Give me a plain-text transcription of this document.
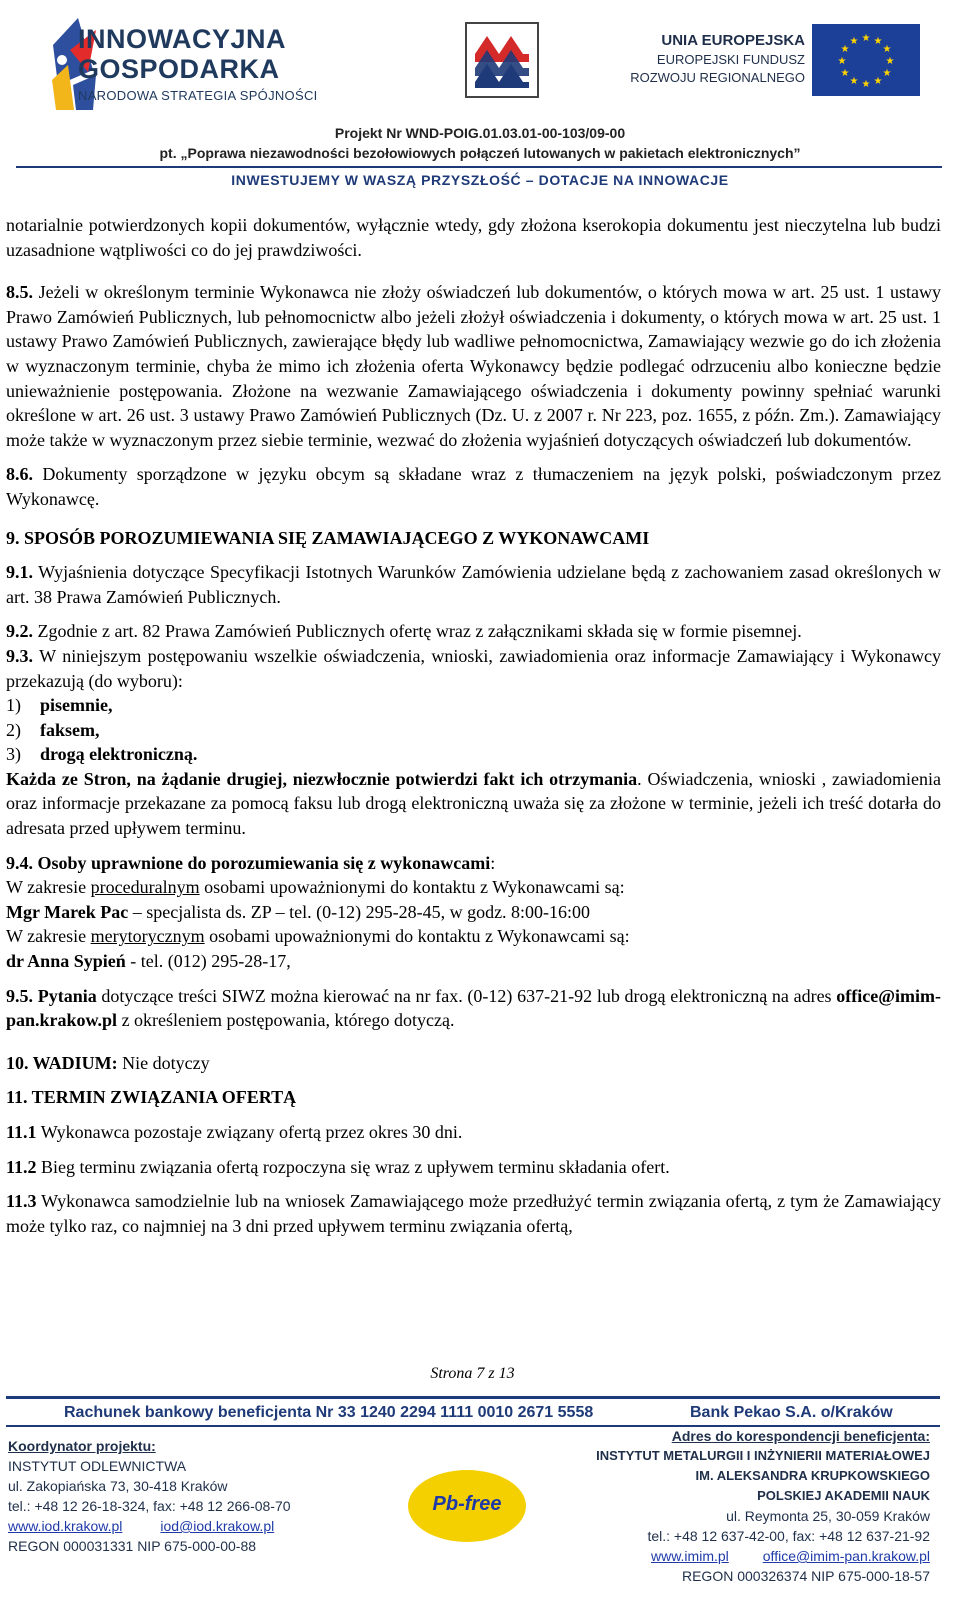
INNOWACYJNA
GOSPODARKA
NARODOWA STRATEGIA SPÓJNOŚCI
UNIA EUROPEJSKA
EUROPEJSKI FUNDUSZ
ROZWOJU REGIONALNEGO
★ ★
★
★
★
★
★
★
★
★
★
★
Projekt Nr WND-POIG.01.03.01-00-103/09-00
pt. „Poprawa niezawodności bezołowiowych połączeń lutowanych w pakietach elektronicznych”
INWESTUJEMY W WASZĄ PRZYSZŁOŚĆ – DOTACJE NA INNOWACJE

notarialnie potwierdzonych kopii dokumentów, wyłącznie wtedy, gdy złożona kserokopia dokumentu jest nieczytelna lub budzi uzasadnione wątpliwości co do jej prawdziwości.

8.5. Jeżeli w określonym terminie Wykonawca nie złoży oświadczeń lub dokumentów, o których mowa w art. 25 ust. 1 ustawy Prawo Zamówień Publicznych, lub pełnomocnictw albo jeżeli złożył oświadczenia i dokumenty, o których mowa w art. 25 ust. 1 ustawy Prawo Zamówień Publicznych, zawierające błędy lub wadliwe pełnomocnictwa, Zamawiający wezwie go do ich złożenia w wyznaczonym terminie, chyba że mimo ich złożenia oferta Wykonawcy będzie podlegać odrzuceniu albo konieczne będzie unieważnienie postępowania. Złożone na wezwanie Zamawiającego oświadczenia i dokumenty powinny spełniać warunki określone w art. 26 ust. 3 ustawy Prawo Zamówień Publicznych (Dz. U. z 2007 r. Nr 223, poz. 1655, z późn. Zm.). Zamawiający może także w wyznaczonym przez siebie terminie, wezwać do złożenia wyjaśnień dotyczących oświadczeń lub dokumentów.

8.6. Dokumenty sporządzone w języku obcym są składane wraz z tłumaczeniem na język polski, poświadczonym przez Wykonawcę.

9. SPOSÓB POROZUMIEWANIA SIĘ ZAMAWIAJĄCEGO Z WYKONAWCAMI

9.1. Wyjaśnienia dotyczące Specyfikacji Istotnych Warunków Zamówienia udzielane będą z zachowaniem zasad określonych w art. 38 Prawa Zamówień Publicznych.

9.2. Zgodnie z art. 82 Prawa Zamówień Publicznych ofertę wraz z załącznikami składa się w formie pisemnej.

9.3. W niniejszym postępowaniu wszelkie oświadczenia, wnioski, zawiadomienia oraz informacje Zamawiający i Wykonawcy przekazują (do wyboru):

1) pisemnie,

2) faksem,

3) drogą elektroniczną.

Każda ze Stron, na żądanie drugiej, niezwłocznie potwierdzi fakt ich otrzymania. Oświadczenia, wnioski , zawiadomienia oraz informacje przekazane za pomocą faksu lub drogą elektroniczną uważa się za złożone w terminie, jeżeli ich treść dotarła do adresata przed upływem terminu.

9.4. Osoby uprawnione do porozumiewania się z wykonawcami:

W zakresie proceduralnym osobami upoważnionymi do kontaktu z Wykonawcami są:

Mgr Marek Pac – specjalista ds. ZP – tel. (0-12) 295-28-45, w godz. 8:00-16:00

W zakresie merytorycznym osobami upoważnionymi do kontaktu z Wykonawcami są:

dr Anna Sypień - tel. (012) 295-28-17,

9.5. Pytania dotyczące treści SIWZ można kierować na nr fax. (0-12) 637-21-92 lub drogą elektroniczną na adres office@imim-pan.krakow.pl z określeniem postępowania, którego dotyczą.

10. WADIUM: Nie dotyczy

11. TERMIN ZWIĄZANIA OFERTĄ

11.1 Wykonawca pozostaje związany ofertą przez okres 30 dni.

11.2 Bieg terminu związania ofertą rozpoczyna się wraz z upływem terminu składania ofert.

11.3 Wykonawca samodzielnie lub na wniosek Zamawiającego może przedłużyć termin związania ofertą, z tym że Zamawiający może tylko raz, co najmniej na 3 dni przed upływem terminu związania ofertą,

Strona 7 z 13
Rachunek bankowy beneficjenta Nr 33 1240 2294 1111 0010 2671 5558	Bank Pekao S.A. o/Kraków
Koordynator projektu:
INSTYTUT ODLEWNICTWA
ul. Zakopiańska 73, 30-418 Kraków
tel.: +48 12 26-18-324, fax: +48 12 266-08-70
www.iod.krakow.pl	iod@iod.krakow.pl
REGON 000031331 NIP 675-000-00-88
Pb-free
Adres do korespondencji beneficjenta:
INSTYTUT METALURGII I INŻYNIERII MATERIAŁOWEJ
IM. ALEKSANDRA KRUPKOWSKIEGO
POLSKIEJ AKADEMII NAUK
ul. Reymonta 25, 30-059 Kraków
tel.: +48 12 637-42-00, fax: +48 12 637-21-92
www.imim.pl office@imim-pan.krakow.pl
REGON 000326374 NIP 675-000-18-57
